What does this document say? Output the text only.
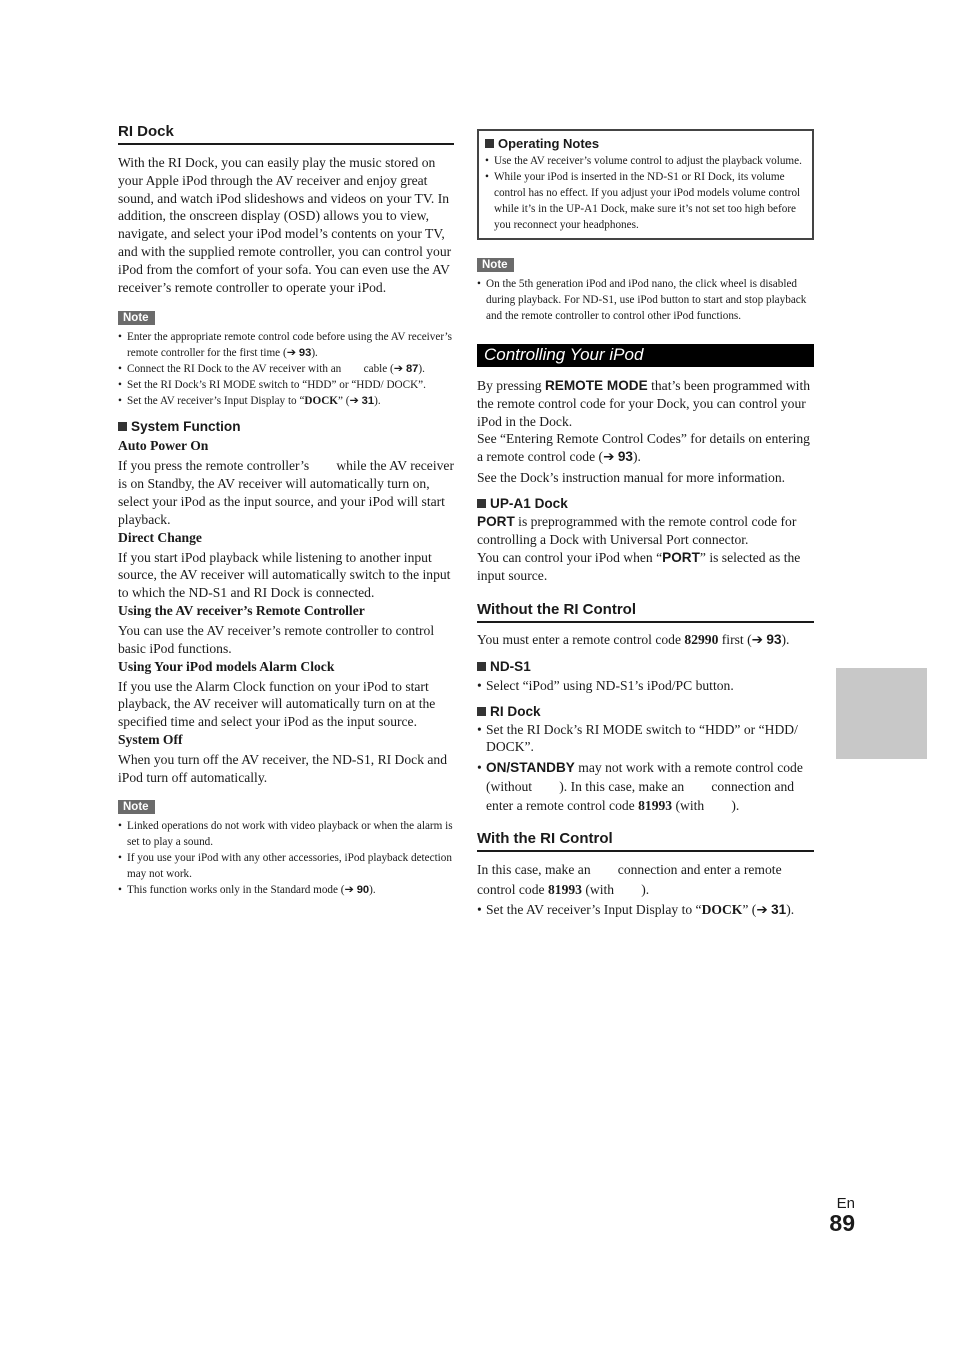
RI Dock

With the RI Dock, you can easily play the music stored on your Apple iPod through the AV receiver and enjoy great sound, and watch iPod slideshows and videos on your TV. In addition, the onscreen display (OSD) allows you to view, navigate, and select your iPod model’s contents on your TV, and with the supplied remote controller, you can control your iPod from the comfort of your sofa. You can even use the AV receiver’s remote controller to operate your iPod.

Note
• Enter the appropriate remote control code before using the AV receiver’s remote controller for the first time (➔ 93).
• Connect the RI Dock to the AV receiver with an        cable (➔ 87).
• Set the RI Dock’s RI MODE switch to “HDD” or “HDD/ DOCK”.
• Set the AV receiver’s Input Display to “DOCK” (➔ 31).
System Function

Auto Power On

If you press the remote controller’s        while the AV receiver is on Standby, the AV receiver will automatically turn on, select your iPod as the input source, and your iPod will start playback.

Direct Change

If you start iPod playback while listening to another input source, the AV receiver will automatically switch to the input to which the ND-S1 and RI Dock is connected.

Using the AV receiver’s Remote Controller

You can use the AV receiver’s remote controller to control basic iPod functions.

Using Your iPod models Alarm Clock

If you use the Alarm Clock function on your iPod to start playback, the AV receiver will automatically turn on at the specified time and select your iPod as the input source.

System Off

When you turn off the AV receiver, the ND-S1, RI Dock and iPod turn off automatically.

Note
• Linked operations do not work with video playback or when the alarm is set to play a sound.
• If you use your iPod with any other accessories, iPod playback detection may not work.
• This function works only in the Standard mode (➔ 90).
Operating Notes
• Use the AV receiver’s volume control to adjust the playback volume.
• While your iPod is inserted in the ND-S1 or RI Dock, its volume control has no effect. If you adjust your iPod models volume control while it’s in the UP-A1 Dock, make sure it’s not set too high before you reconnect your headphones.
Note
• On the 5th generation iPod and iPod nano, the click wheel is disabled during playback. For ND-S1, use iPod button to start and stop playback and the remote controller to control other iPod functions.
Controlling Your iPod

By pressing REMOTE MODE that’s been programmed with the remote control code for your Dock, you can control your iPod in the Dock.

See “Entering Remote Control Codes” for details on entering a remote control code (➔ 93).

See the Dock’s instruction manual for more information.

UP-A1 Dock

PORT is preprogrammed with the remote control code for controlling a Dock with Universal Port connector.

You can control your iPod when “PORT” is selected as the input source.

Without the RI Control

You must enter a remote control code 82990 first (➔ 93).

ND-S1
• Select “iPod” using ND-S1’s iPod/PC button.
RI Dock
• Set the RI Dock’s RI MODE switch to “HDD” or “HDD/ DOCK”.
• ON/STANDBY may not work with a remote control code (without        ). In this case, make an        connection and enter a remote control code 81993 (with        ).
With the RI Control

In this case, make an        connection and enter a remote control code 81993 (with        ).

• Set the AV receiver’s Input Display to “DOCK” (➔ 31).
En
89
